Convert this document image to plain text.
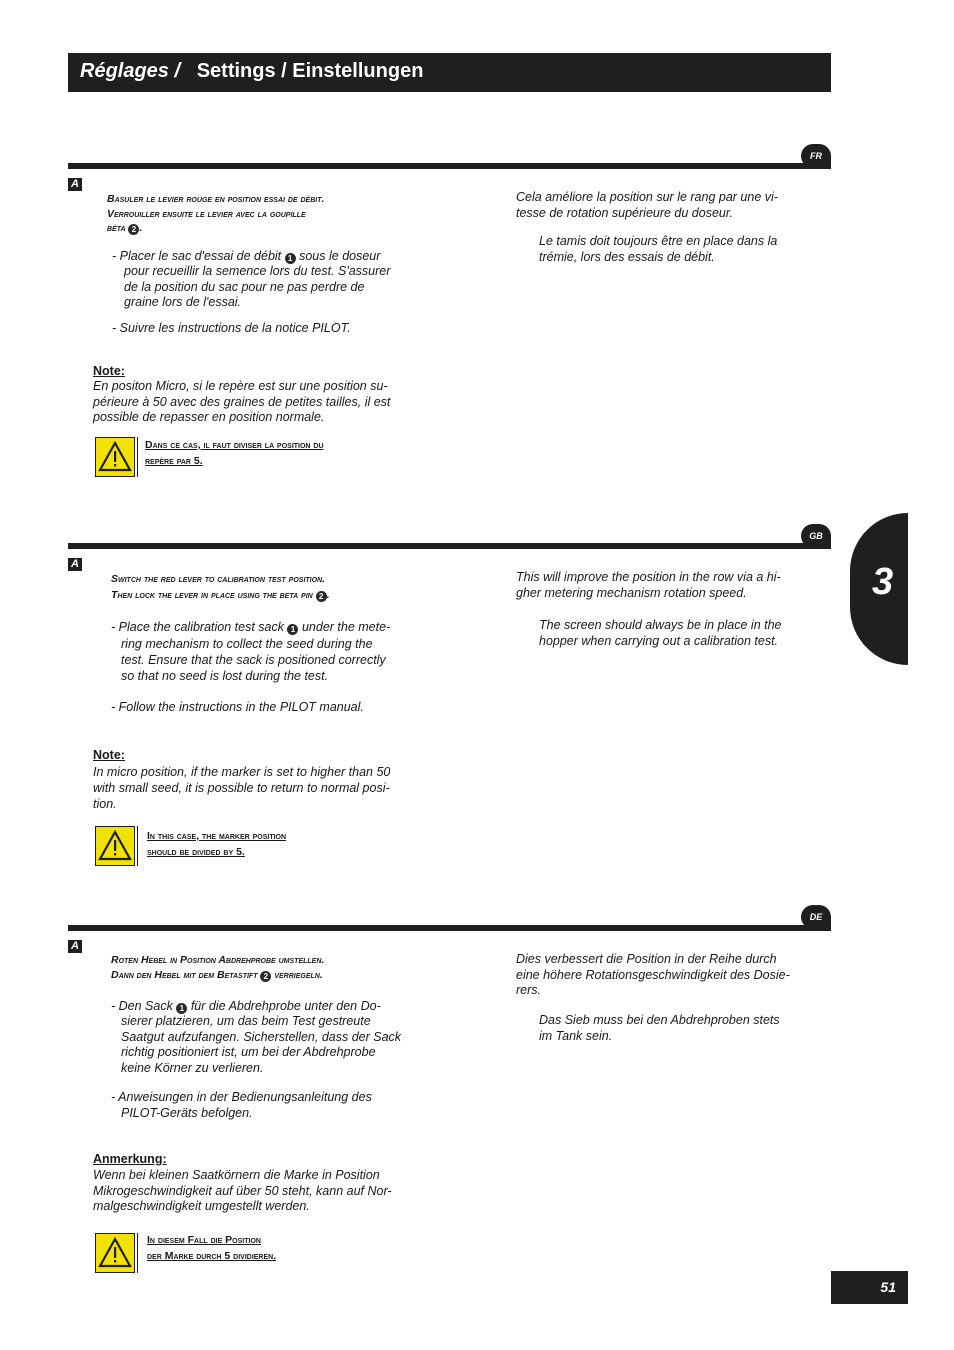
Réglages / Settings / Einstellungen
FR
A
Basuler le levier rouge en position essai de débit.
Verrouiller ensuite le levier avec la goupille
béta 2 .
- Placer le sac d'essai de débit 1 sous le doseur
pour recueillir la semence lors du test. S'assurer
de la position du sac pour ne pas perdre de
graine lors de l'essai.
- Suivre les instructions de la notice PILOT.
Note:
En positon Micro, si le repère est sur une position su-
périeure à 50 avec des graines de petites tailles, il est
possible de repasser en position normale.
Dans ce cas, il faut diviser la position du
repère par 5.
Cela améliore la position sur le rang par une vi-
tesse de rotation supérieure du doseur.
Le tamis doit toujours être en place dans la
trémie, lors des essais de débit.
GB
A
Switch the red lever to calibration test position.
Then lock the lever in place using the beta pin 2 .
- Place the calibration test sack 1 under the mete-
ring mechanism to collect the seed during the
test. Ensure that the sack is positioned correctly
so that no seed is lost during the test.
- Follow the instructions in the PILOT manual.
Note:
In micro position, if the marker is set to higher than 50
with small seed, it is possible to return to normal posi-
tion.
In this case, the marker position
should be divided by 5.
This will improve the position in the row via a hi-
gher metering mechanism rotation speed.
The screen should always be in place in the
hopper when carrying out a calibration test.
DE
A
Roten Hebel in Position Abdrehprobe umstellen.
Dann den Hebel mit dem Betastift 2 verriegeln.
- Den Sack 1 für die Abdrehprobe unter den Do-
sierer platzieren, um das beim Test gestreute
Saatgut aufzufangen. Sicherstellen, dass der Sack
richtig positioniert ist, um bei der Abdrehprobe
keine Körner zu verlieren.
- Anweisungen in der Bedienungsanleitung des
PILOT-Geräts befolgen.
Anmerkung:
Wenn bei kleinen Saatkörnern die Marke in Position
Mikrogeschwindigkeit auf über 50 steht, kann auf Nor-
malgeschwindigkeit umgestellt werden.
In diesem Fall die Position
der Marke durch 5 dividieren.
Dies verbessert die Position in der Reihe durch
eine höhere Rotationsgeschwindigkeit des Dosie-
rers.
Das Sieb muss bei den Abdrehproben stets
im Tank sein.
3
51
